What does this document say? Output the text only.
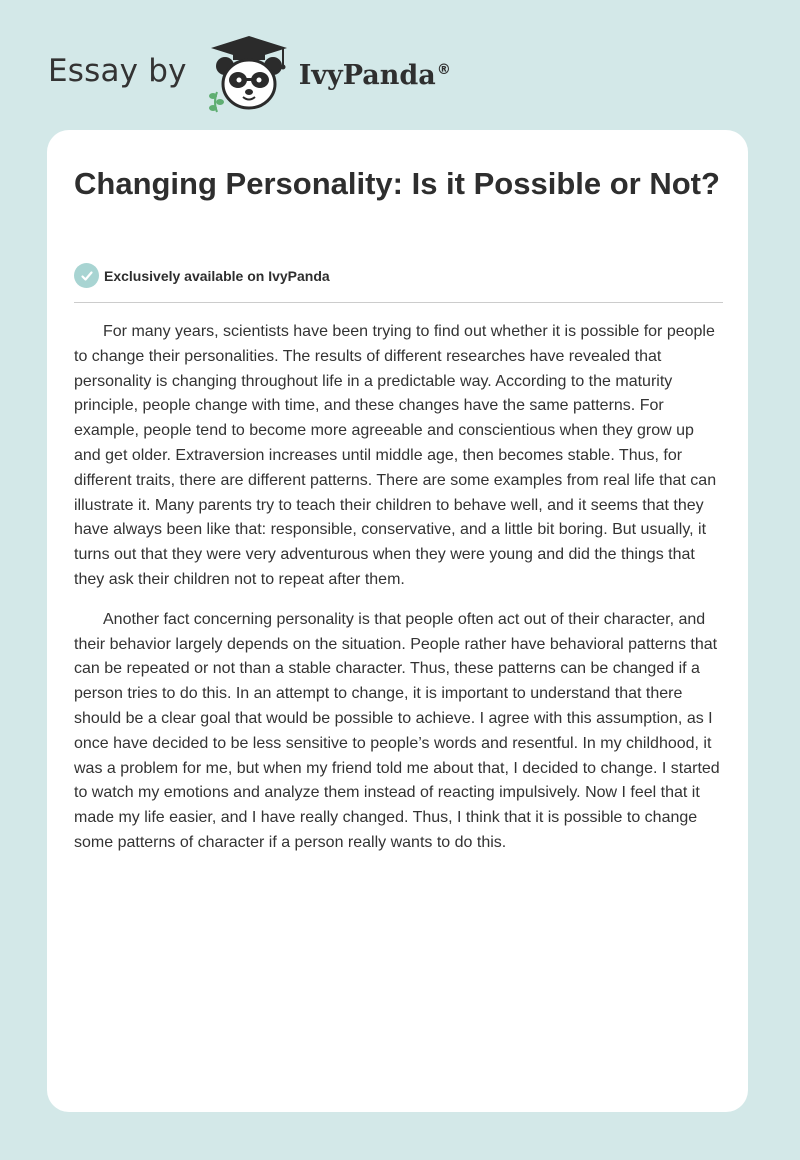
Essay by	IvyPanda®
Changing Personality: Is it Possible or Not?
Exclusively available on IvyPanda

For many years, scientists have been trying to find out whether it is possible for people to change their personalities. The results of different researches have revealed that personality is changing throughout life in a predictable way. According to the maturity principle, people change with time, and these changes have the same patterns. For example, people tend to become more agreeable and conscientious when they grow up and get older. Extraversion increases until middle age, then becomes stable. Thus, for different traits, there are different patterns. There are some examples from real life that can illustrate it. Many parents try to teach their children to behave well, and it seems that they have always been like that: responsible, conservative, and a little bit boring. But usually, it turns out that they were very adventurous when they were young and did the things that they ask their children not to repeat after them.

Another fact concerning personality is that people often act out of their character, and their behavior largely depends on the situation. People rather have behavioral patterns that can be repeated or not than a stable character. Thus, these patterns can be changed if a person tries to do this. In an attempt to change, it is important to understand that there should be a clear goal that would be possible to achieve. I agree with this assumption, as I once have decided to be less sensitive to people’s words and resentful. In my childhood, it was a problem for me, but when my friend told me about that, I decided to change. I started to watch my emotions and analyze them instead of reacting impulsively. Now I feel that it made my life easier, and I have really changed. Thus, I think that it is possible to change some patterns of character if a person really wants to do this.
